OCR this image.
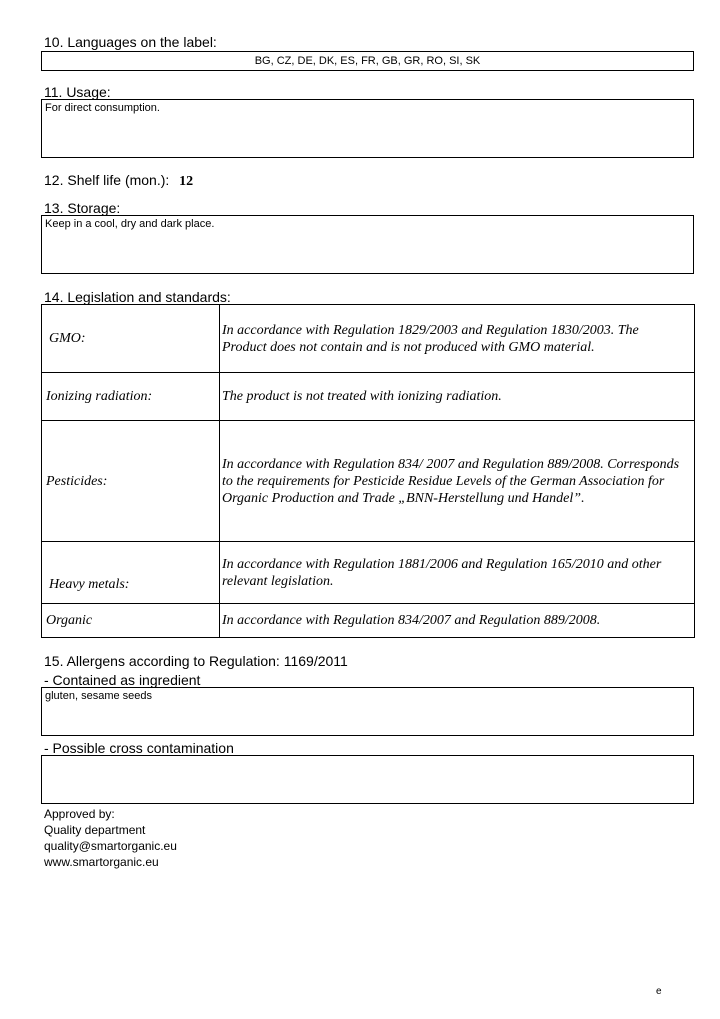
10. Languages on the label:
BG, CZ, DE, DK, ES, FR, GB, GR, RO, SI, SK
11. Usage:
For direct consumption.
12. Shelf life (mon.): 12
13. Storage:
Keep in a cool, dry and dark place.
14. Legislation and standards:
GMO:	In accordance with Regulation 1829/2003 and Regulation 1830/2003. The Product does not contain and is not produced with GMO material.
Ionizing radiation:	The product is not treated with ionizing radiation.
Pesticides:	In accordance with Regulation 834/ 2007 and Regulation 889/2008. Corresponds to the requirements for Pesticide Residue Levels of the German Association for Organic Production and Trade „BNN-Herstellung und Handel”.
Heavy metals:	In accordance with Regulation 1881/2006 and Regulation 165/2010 and other relevant legislation.
Organic	In accordance with Regulation 834/2007 and Regulation 889/2008.
15. Allergens according to Regulation: 1169/2011
- Contained as ingredient
gluten, sesame seeds
- Possible cross contamination
Approved by:
Quality department
quality@smartorganic.eu
www.smartorganic.eu
e
